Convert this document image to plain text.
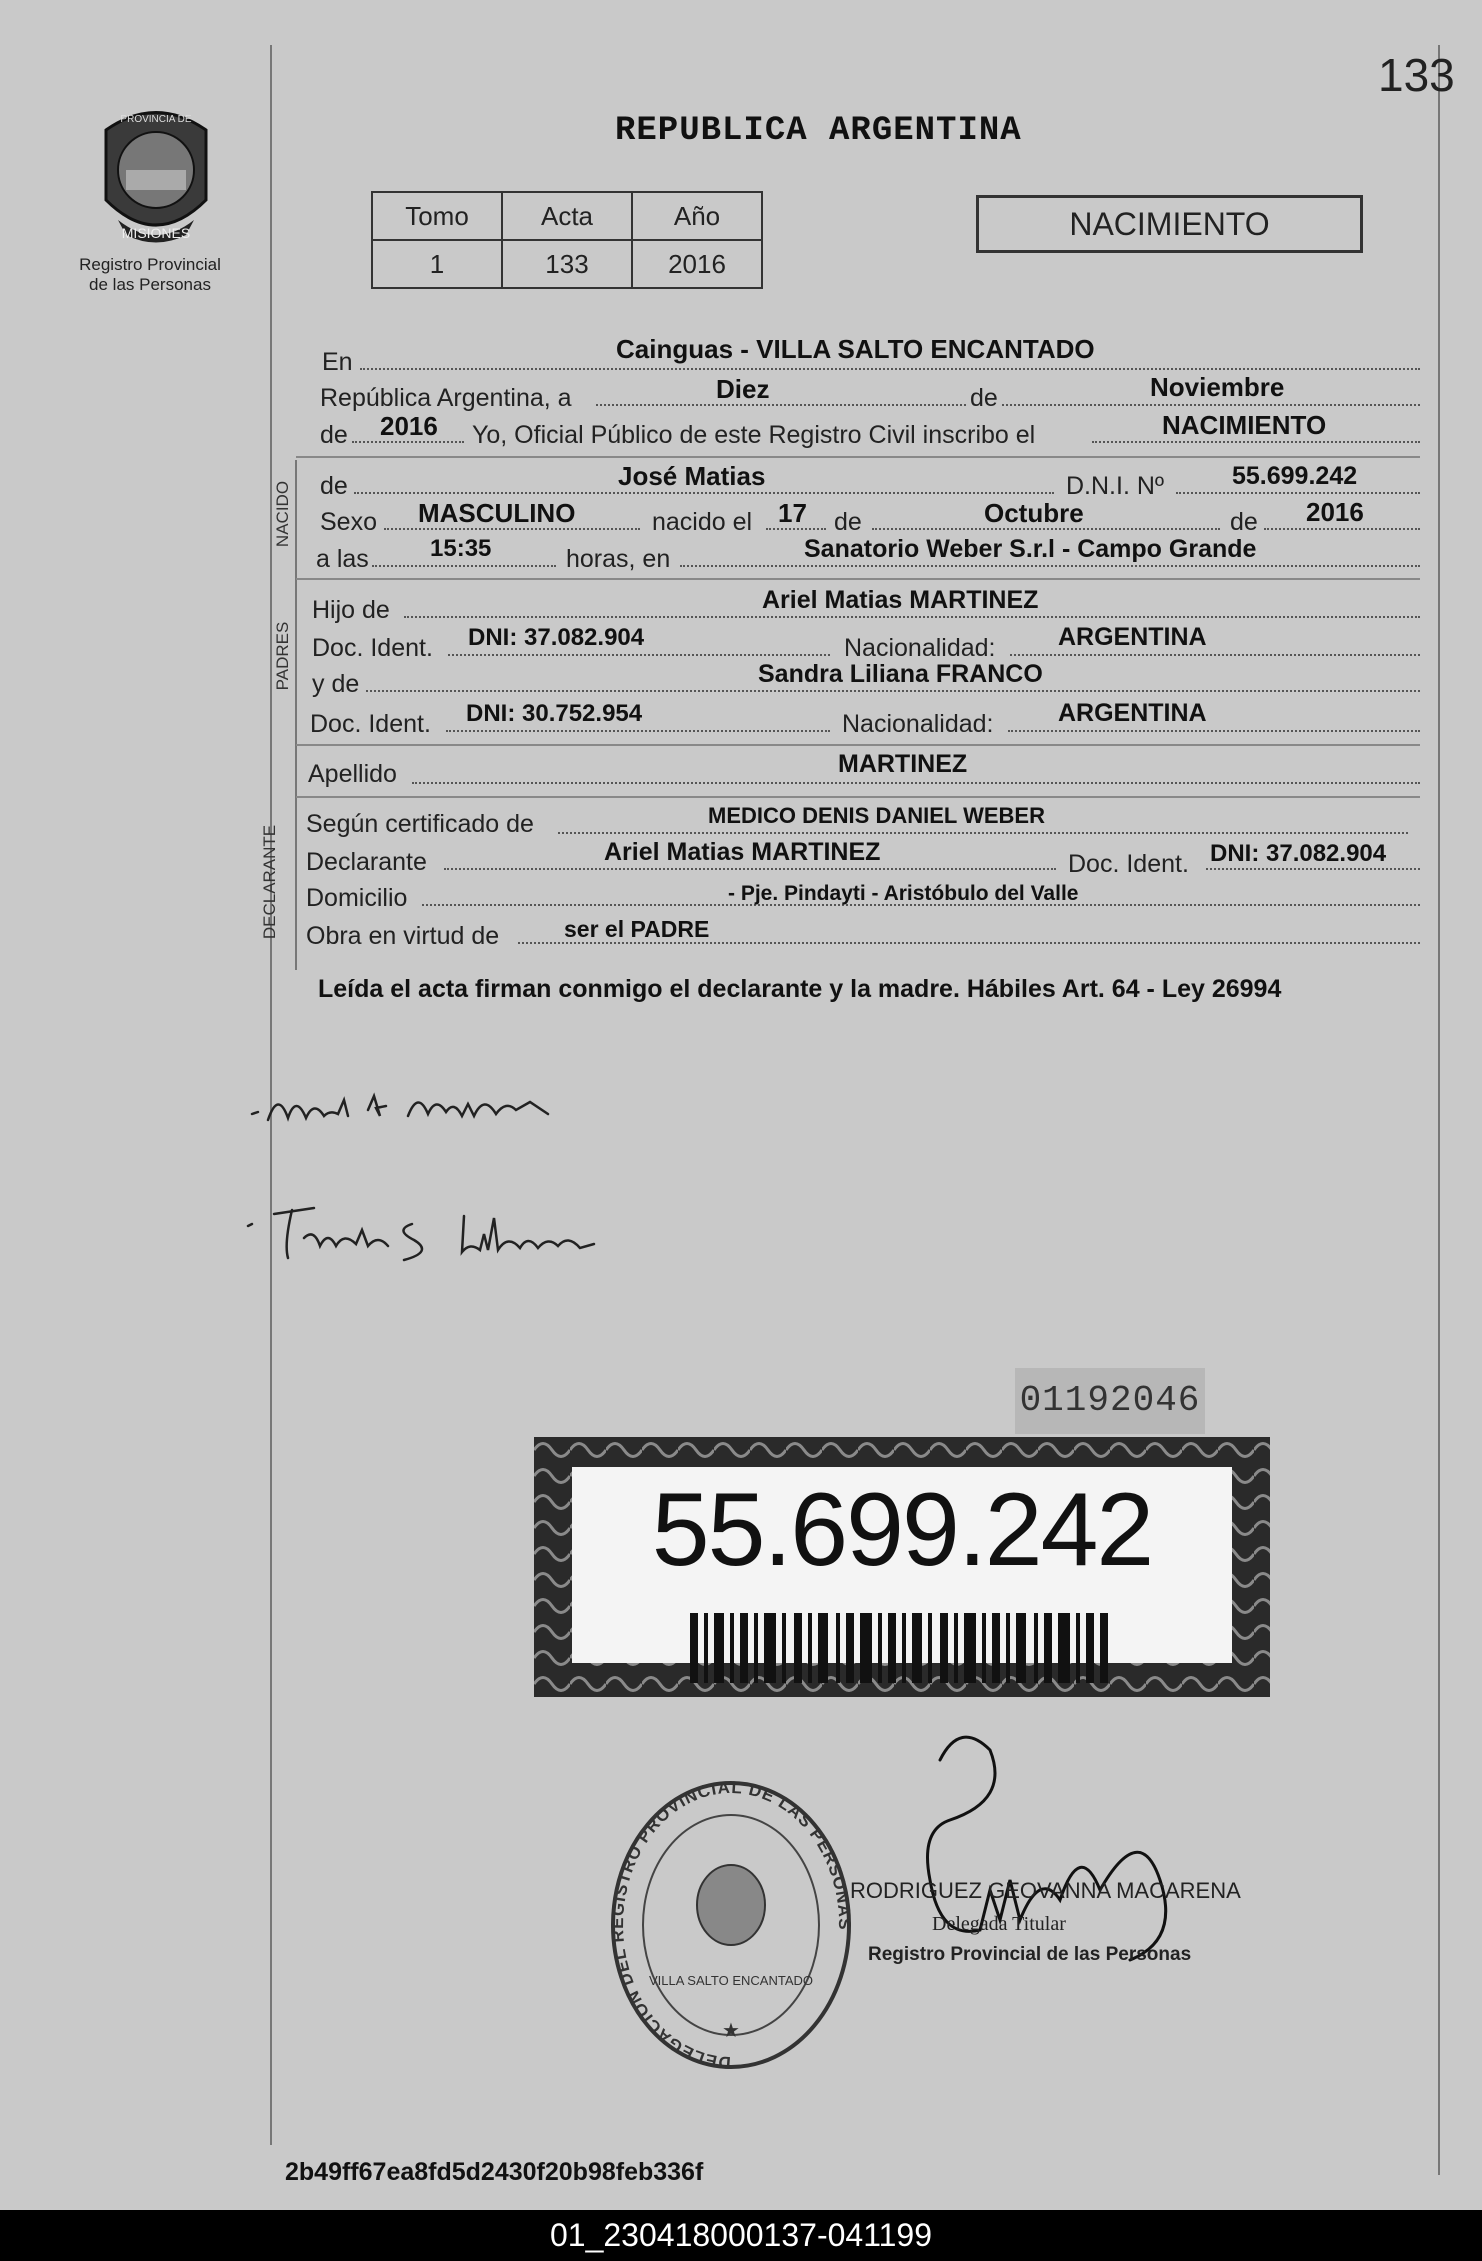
133
REPUBLICA ARGENTINA
PROVINCIA DE
MISIONES
Registro Provincial
de las Personas
Tomo	Acta	Año
1	133	2016
NACIMIENTO
En	Cainguas - VILLA SALTO ENCANTADO
República Argentina, a	Diez	de	Noviembre
de 2016 Yo, Oficial Público de este Registro Civil inscribo el	NACIMIENTO
NACIDO de	José Matias	D.N.I. Nº	55.699.242
Sexo MASCULINO	nacido el 17 de	Octubre	de 2016
a las	15:35	horas, en	Sanatorio Weber S.r.l - Campo Grande
PADRES
Hijo de	Ariel Matias MARTINEZ
Doc. Ident. DNI: 37.082.904	Nacionalidad:	ARGENTINA
y de	Sandra Liliana FRANCO
Doc. Ident. DNI: 30.752.954	Nacionalidad:	ARGENTINA
Apellido	MARTINEZ
DECLARANTE
Según certificado de	MEDICO DENIS DANIEL WEBER
Declarante	Ariel Matias MARTINEZ	Doc. Ident. DNI: 37.082.904
Domicilio	- Pje. Pindayti - Aristóbulo del Valle
Obra en virtud de	ser el PADRE
Leída el acta firman conmigo el declarante y la madre. Hábiles Art. 64 - Ley 26994
01192046
55.699.242
DELEGACION DEL REGISTRO PROVINCIAL DE LAS PERSONAS
VILLA SALTO ENCANTADO
★
RODRIGUEZ GEOVANNA MACARENA
Delegada Titular
Registro Provincial de las Personas
2b49ff67ea8fd5d2430f20b98feb336f
01_230418000137-041199
